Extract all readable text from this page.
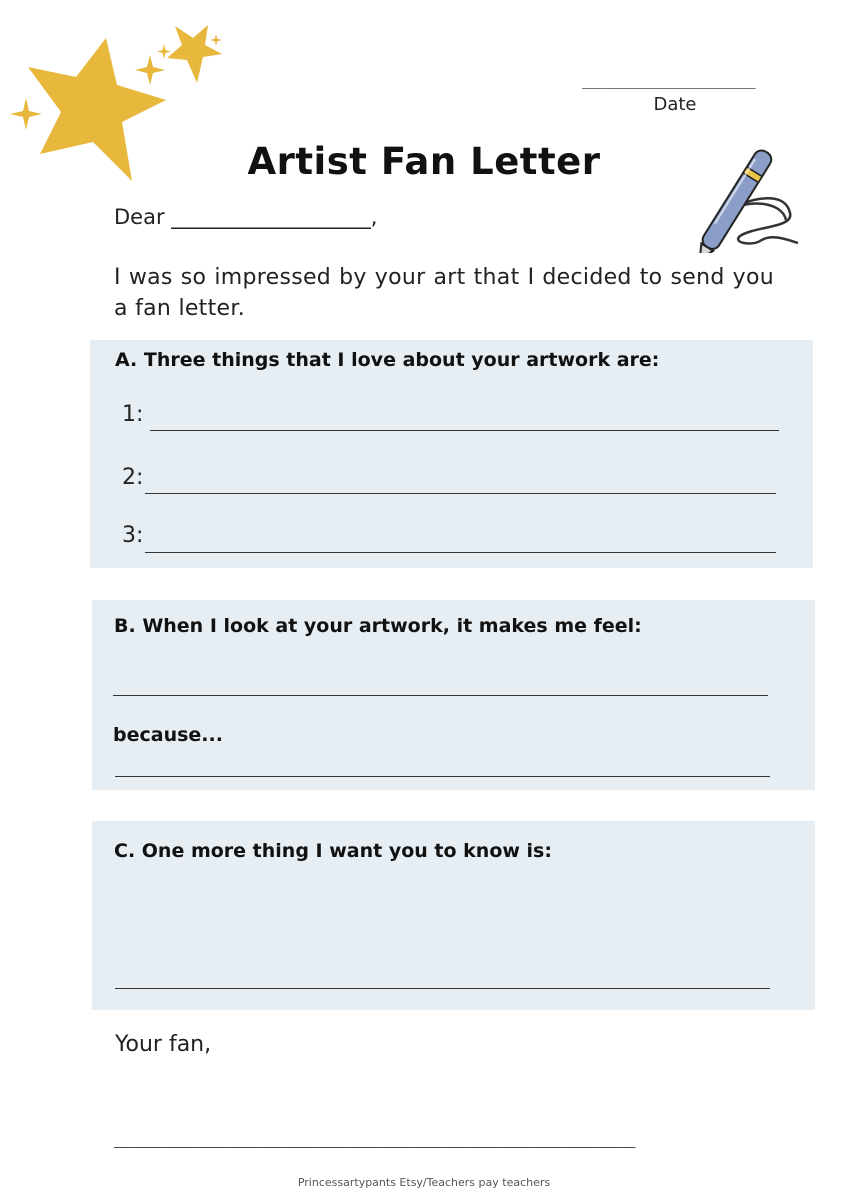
____________________
Date
Artist Fan Letter
Dear ___________________,
I was so impressed by your art that I decided to send you a fan letter.
A. Three things that I love about your artwork are:
1:
2:
3:
B. When I look at your artwork, it makes me feel:
because...
C. One more thing I want you to know is:
Your fan,
________________________________________________
Princessartypants Etsy/Teachers pay teachers
